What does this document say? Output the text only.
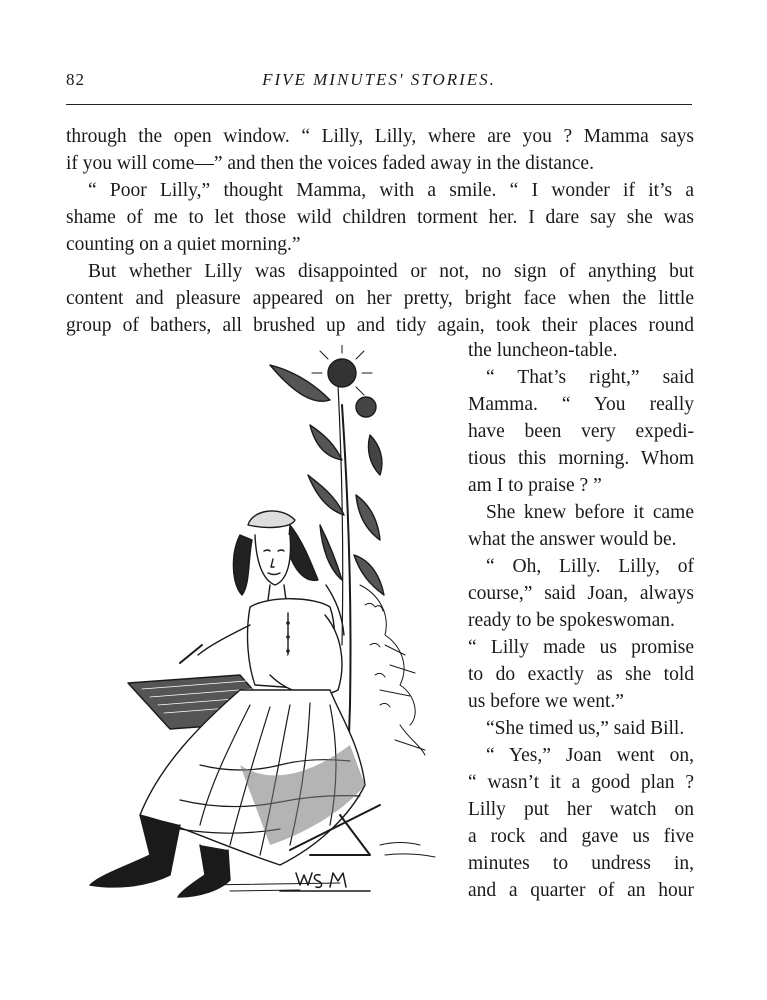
82	FIVE MINUTES' STORIES.
through the open window. “ Lilly, Lilly, where are you ? Mamma says
if you will come—” and then the voices faded away in the distance.
“ Poor Lilly,” thought Mamma, with a smile. “ I wonder if it’s a
shame of me to let those wild children torment her. I dare say she was
counting on a quiet morning.”
But whether Lilly was disappointed or not, no sign of anything but
content and pleasure appeared on her pretty, bright face when the little
group of bathers, all brushed up and tidy again, took their places round
the luncheon-table.
“ That’s right,” said
Mamma. “ You really
have been very expedi-
tious this morning. Whom
am I to praise ? ”
She knew before it came
what the answer would be.
“ Oh, Lilly. Lilly, of
course,” said Joan, always
ready to be spokeswoman.
“ Lilly made us promise
to do exactly as she told
us before we went.”
“She timed us,” said Bill.
“ Yes,” Joan went on,
“ wasn’t it a good plan ?
Lilly put her watch on
a rock and gave us five
minutes to undress in,
and a quarter of an hour
